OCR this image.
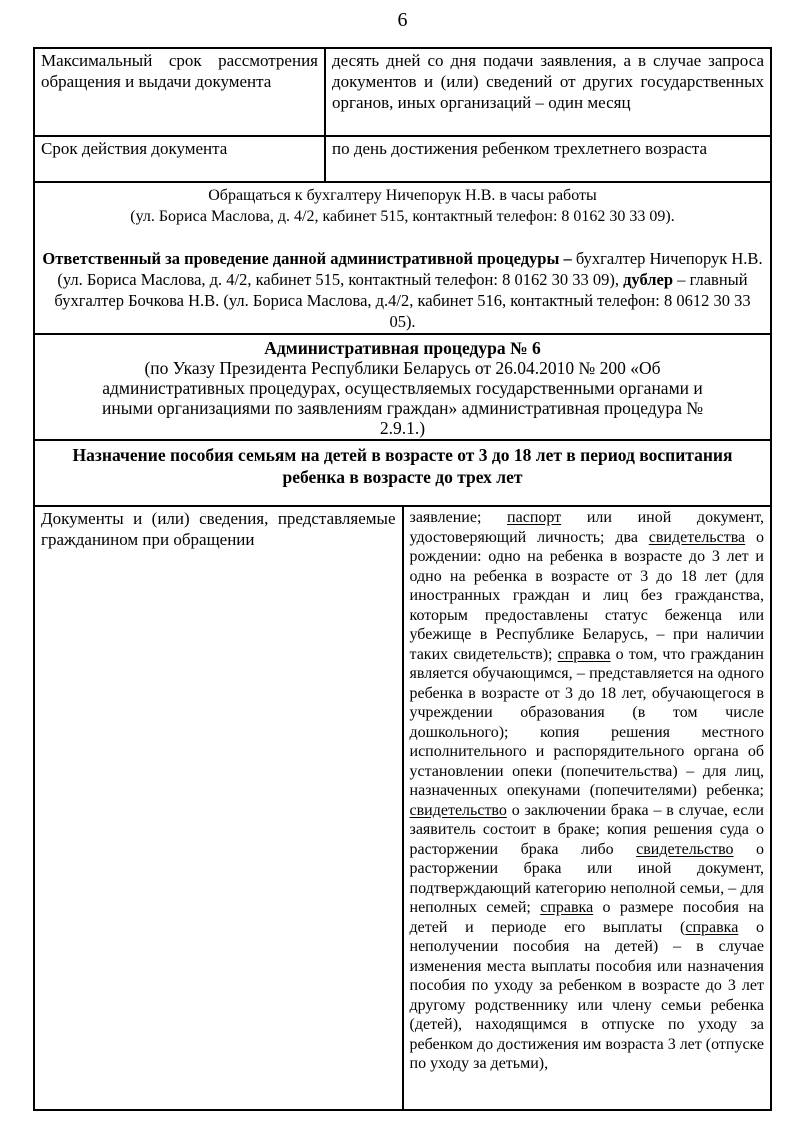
6
Максимальный срок рассмотрения обращения и выдачи документа	десять дней со дня подачи заявления, а в случае запроса документов и (или) сведений от других государственных органов, иных организаций – один месяц
Срок действия документа	по день достижения ребенком трехлетнего возраста

Обращаться к бухгалтеру Ничепорук Н.В. в часы работы
(ул. Бориса Маслова, д. 4/2, кабинет 515, контактный телефон: 8 0162 30 33 09).

Ответственный за проведение данной административной процедуры – бухгалтер Ничепорук Н.В. (ул. Бориса Маслова, д. 4/2, кабинет 515, контактный телефон: 8 0162 30 33 09), дублер – главный бухгалтер Бочкова Н.В. (ул. Бориса Маслова, д.4/2, кабинет 516, контактный телефон: 8 0612 30 33 05).	

Административная процедура № 6
(по Указу Президента Республики Беларусь от 26.04.2010 № 200 «Об административных процедурах, осуществляемых государственными органами и иными организациями по заявлениям граждан» административная процедура № 2.9.1.)

Назначение пособия семьям на детей в возрасте от 3 до 18 лет в период воспитания ребенка в возрасте до трех лет

Документы и (или) сведения, представляемые гражданином при обращении	заявление; паспорт или иной документ, удостоверяющий личность; два свидетельства о рождении: одно на ребенка в возрасте до 3 лет и одно на ребенка в возрасте от 3 до 18 лет (для иностранных граждан и лиц без гражданства, которым предоставлены статус беженца или убежище в Республике Беларусь, – при наличии таких свидетельств); справка о том, что гражданин является обучающимся, – представляется на одного ребенка в возрасте от 3 до 18 лет, обучающегося в учреждении образования (в том числе дошкольного); копия решения местного исполнительного и распорядительного органа об установлении опеки (попечительства) – для лиц, назначенных опекунами (попечителями) ребенка; свидетельство о заключении брака – в случае, если заявитель состоит в браке; копия решения суда о расторжении брака либо свидетельство о расторжении брака или иной документ, подтверждающий категорию неполной семьи, – для неполных семей; справка о размере пособия на детей и периоде его выплаты (справка о неполучении пособия на детей) – в случае изменения места выплаты пособия или назначения пособия по уходу за ребенком в возрасте до 3 лет другому родственнику или члену семьи ребенка (детей), находящимся в отпуске по уходу за ребенком до достижения им возраста 3 лет (отпуске по уходу за детьми),
